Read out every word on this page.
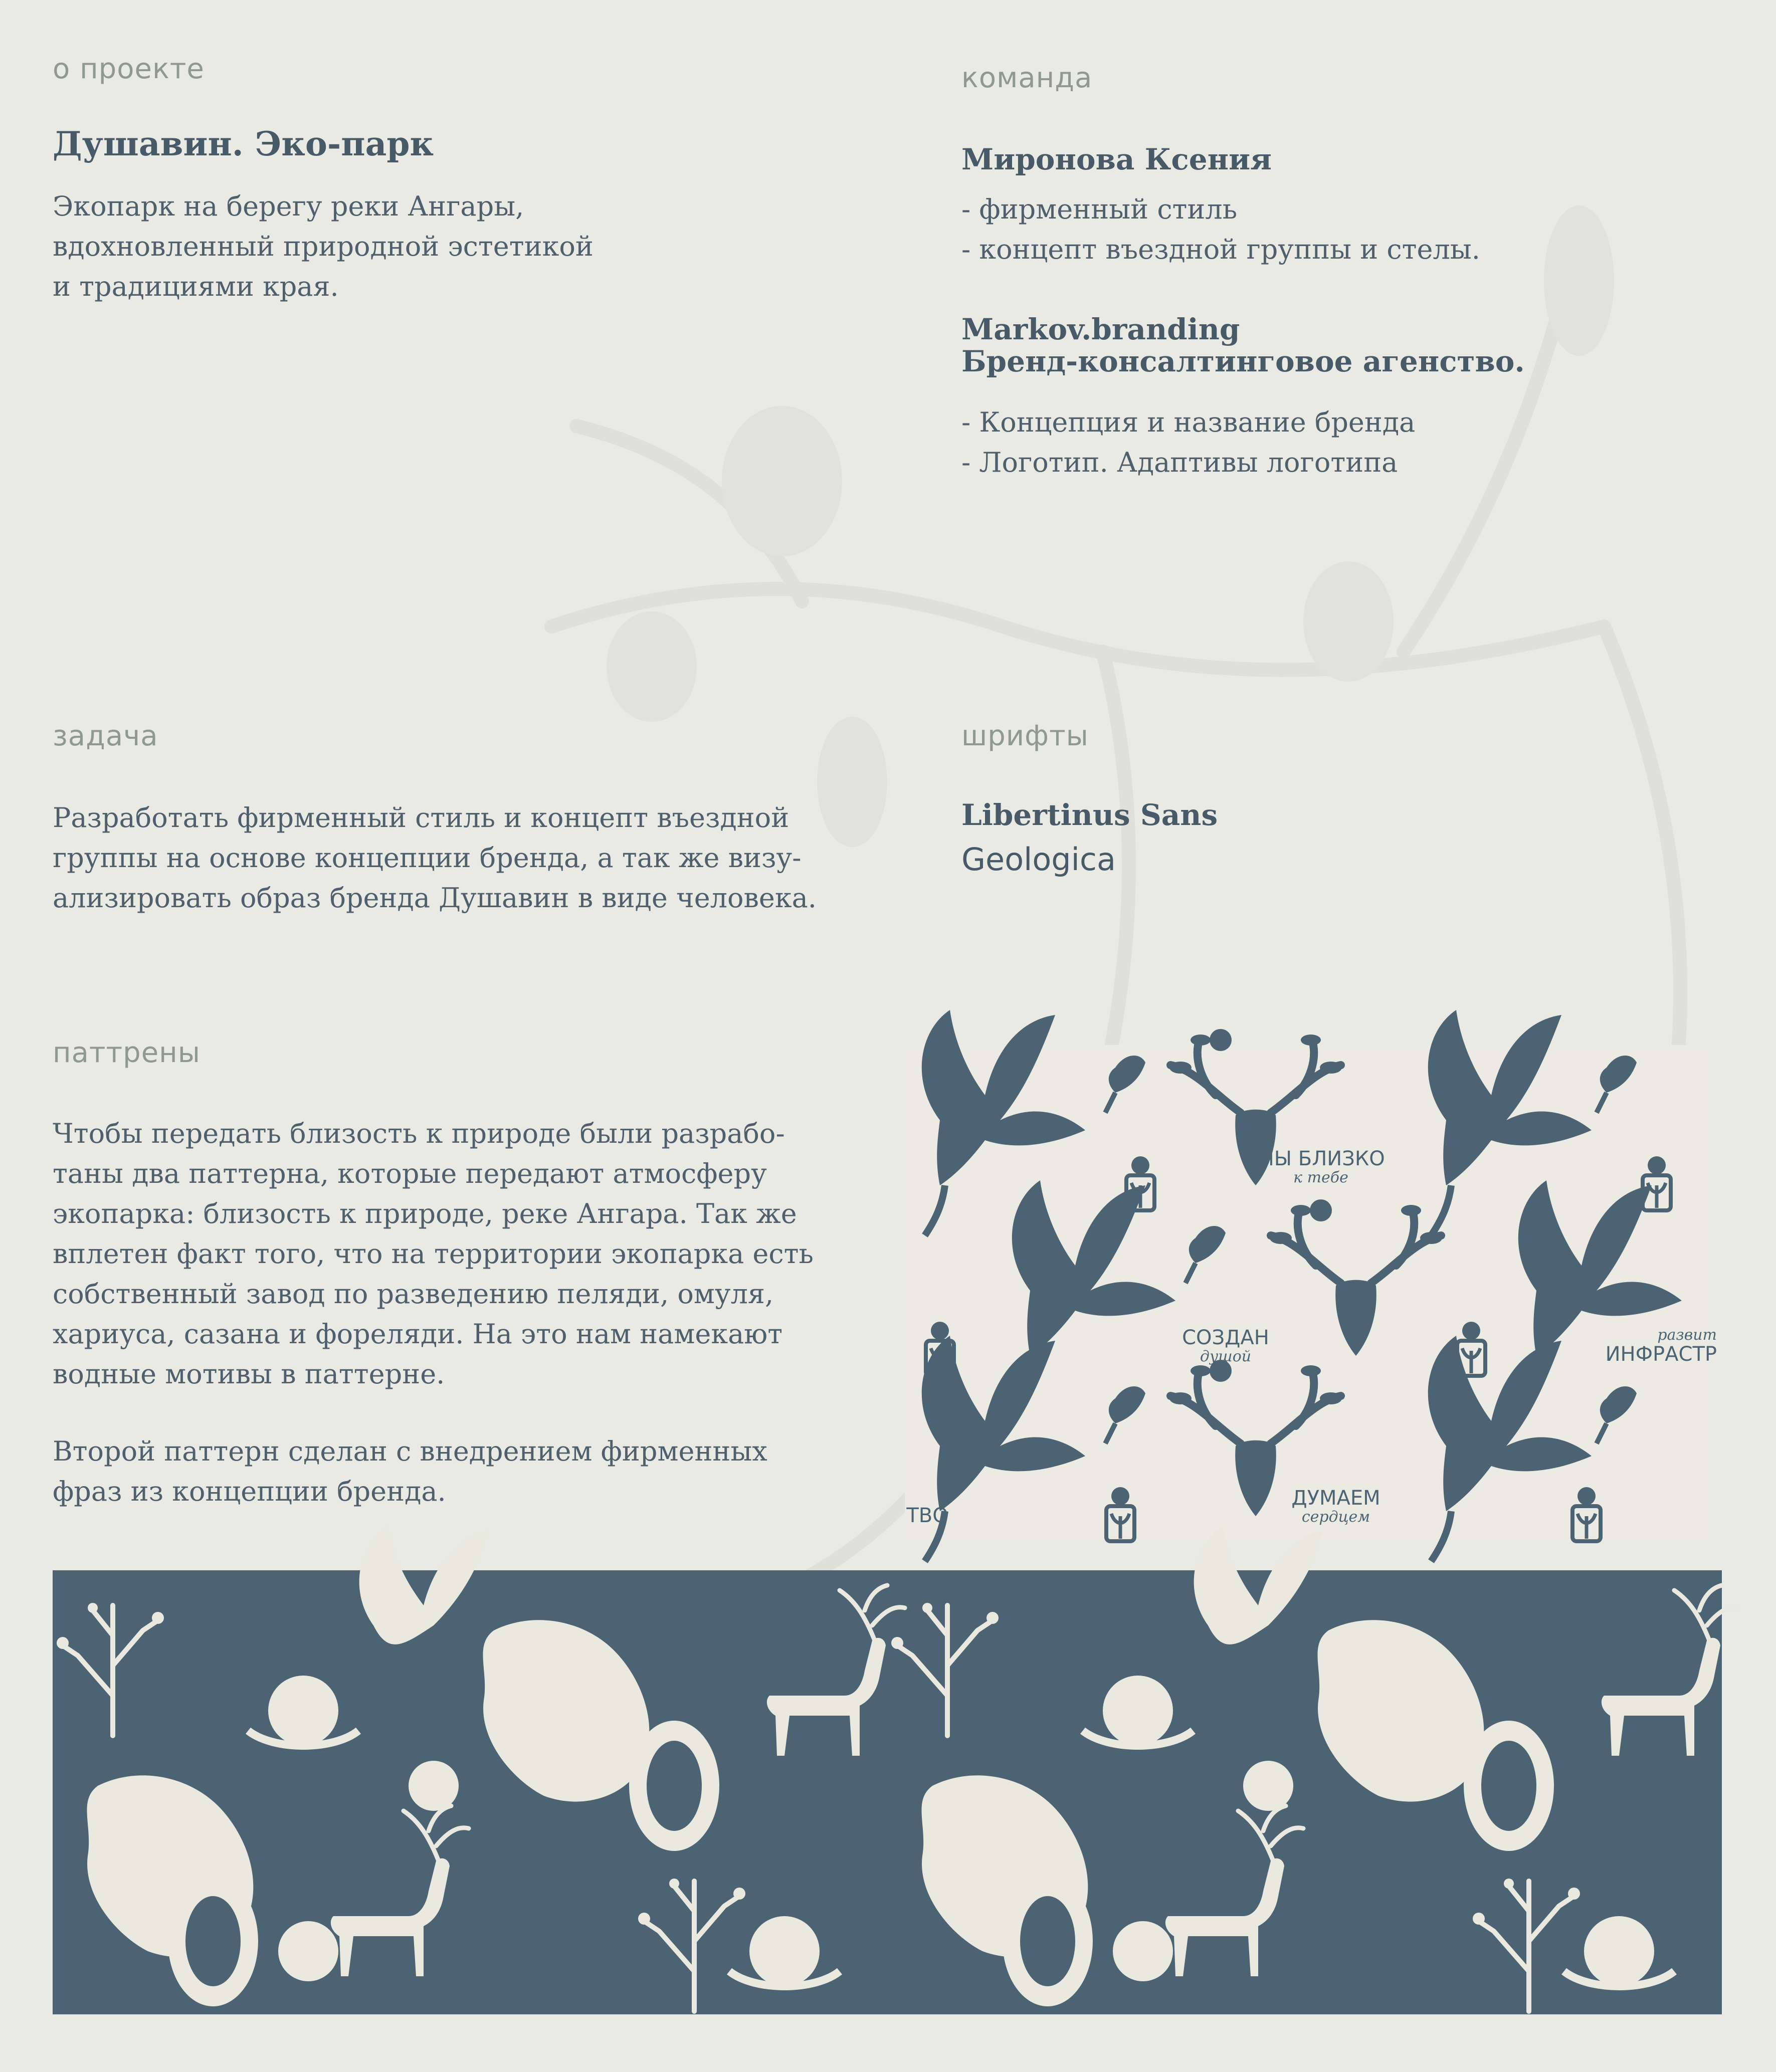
о проекте
Душавин. Эко-парк
Экопарк на берегу реки Ангары,
вдохновленный природной эстетикой
и традициями края.
команда
Миронова Ксения
- фирменный стиль
- концепт въездной группы и стелы.
Markov.branding
Бренд-консалтинговое агенство.
- Концепция и название бренда
- Логотип. Адаптивы логотипа
задача
Разработать фирменный стиль и концепт въездной
группы на основе концепции бренда, а так же визу-
ализировать образ бренда Душавин в виде человека.
шрифты
Libertinus Sans
Geologica
паттрены
Чтобы передать близость к природе были разрабо-
таны два паттерна, которые передают атмосферу
экопарка: близость к природе, реке Ангара. Так же
вплетен факт того, что на территории экопарка есть
собственный завод по разведению пеляди, омуля,
хариуса, сазана и фореляди. На это нам намекают
водные мотивы в паттерне.
Второй паттерн сделан с внедрением фирменных
фраз из концепции бренда.
МЫ БЛИЗКО
к тебе
СОЗДАН
душой
развит
ИНФРАСТР
ДУМАЕМ
сердцем
ТВО
